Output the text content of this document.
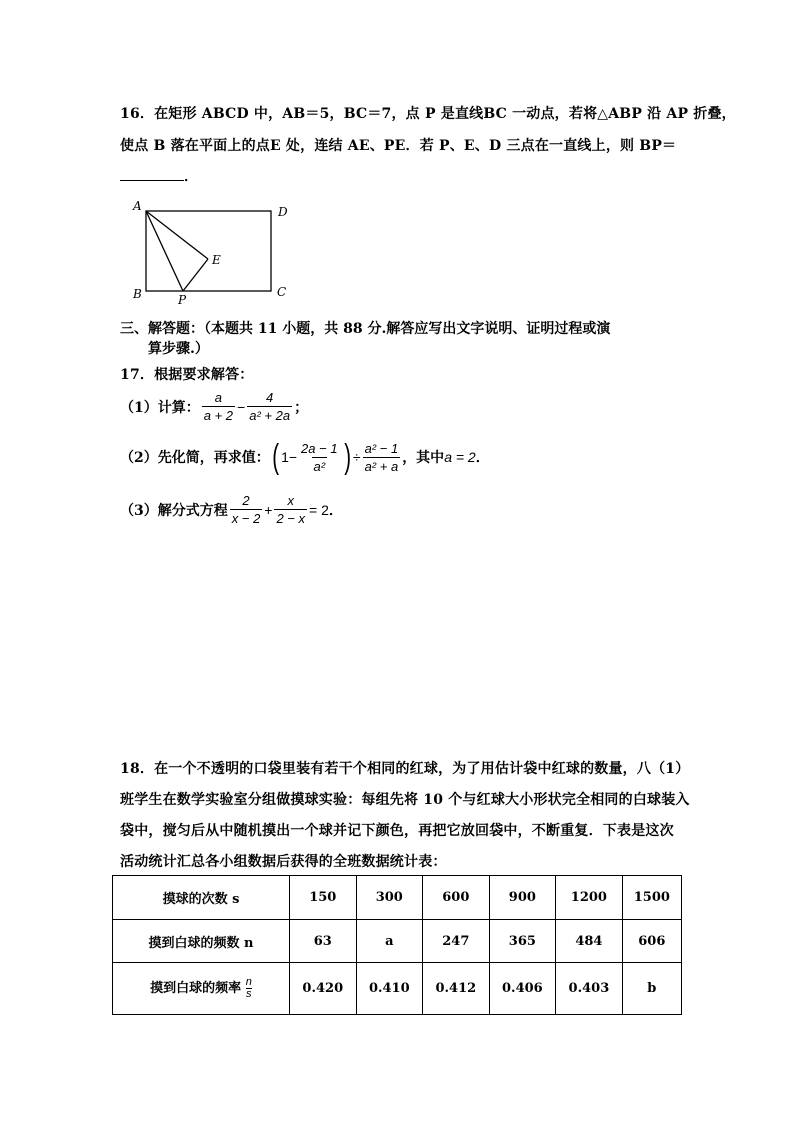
16．在矩形 ABCD 中，AB＝5，BC＝7，点 P 是直线BC 一动点，若将△ABP 沿 AP 折叠，
使点 B 落在平面上的点E 处，连结 AE、PE．若 P、E、D 三点在一直线上，则 BP＝
．
A	D
E
B	P
C
三、解答题：（本题共 11 小题，共 88 分.解答应写出文字说明、证明过程或演
算步骤.）
17．根据要求解答：
（1）计算： $\frac{a}{a + 2} - \frac{4}{\text{a² + 2a}}$ ；
（2）先化简，再求值： ( $1- \frac{2a - 1}{\text{a²}}$ ) ÷ $\frac{\text{a² − 1}}{\text{a² + a}}$ ，其中 a = 2 ．
（3）解分式方程 $\frac{2}{x - 2} + \frac{x}{2 - x} = 2$ ．
18．在一个不透明的口袋里装有若干个相同的红球，为了用估计袋中红球的数量，八（1）
班学生在数学实验室分组做摸球实验：每组先将 10 个与红球大小形状完全相同的白球装入
袋中，搅匀后从中随机摸出一个球并记下颜色，再把它放回袋中，不断重复．下表是这次
活动统计汇总各小组数据后获得的全班数据统计表：
摸球的次数 s	150	300	600	900	1200	1500
摸到白球的频数 n	63	a	247	365	484	606
摸到白球的频率 $\frac{n}{s}$	0.420	0.410	0.412	0.406	0.403	b
